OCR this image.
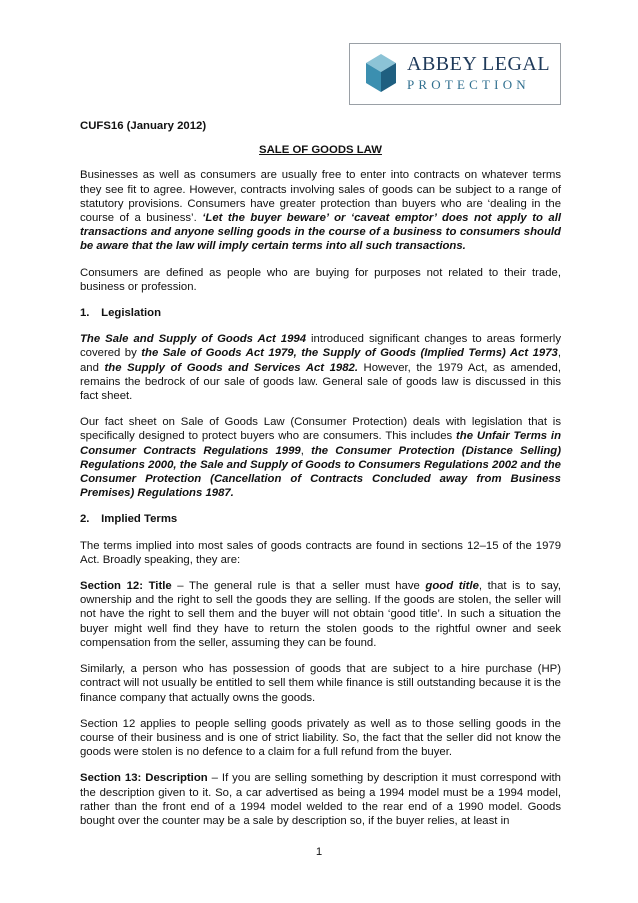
ABBEY LEGAL
PROTECTION
CUFS16 (January 2012)
SALE OF GOODS LAW

Businesses as well as consumers are usually free to enter into contracts on whatever terms they see fit to agree. However, contracts involving sales of goods can be subject to a range of statutory provisions. Consumers have greater protection than buyers who are ‘dealing in the course of a business’. ‘Let the buyer beware’ or ‘caveat emptor’ does not apply to all transactions and anyone selling goods in the course of a business to consumers should be aware that the law will imply certain terms into all such transactions.

Consumers are defined as people who are buying for purposes not related to their trade, business or profession.

1. Legislation

The Sale and Supply of Goods Act 1994 introduced significant changes to areas formerly covered by the Sale of Goods Act 1979, the Supply of Goods (Implied Terms) Act 1973, and the Supply of Goods and Services Act 1982. However, the 1979 Act, as amended, remains the bedrock of our sale of goods law. General sale of goods law is discussed in this fact sheet.

Our fact sheet on Sale of Goods Law (Consumer Protection) deals with legislation that is specifically designed to protect buyers who are consumers. This includes the Unfair Terms in Consumer Contracts Regulations 1999, the Consumer Protection (Distance Selling) Regulations 2000, the Sale and Supply of Goods to Consumers Regulations 2002 and the Consumer Protection (Cancellation of Contracts Concluded away from Business Premises) Regulations 1987.

2. Implied Terms

The terms implied into most sales of goods contracts are found in sections 12–15 of the 1979 Act. Broadly speaking, they are:

Section 12: Title – The general rule is that a seller must have good title, that is to say, ownership and the right to sell the goods they are selling. If the goods are stolen, the seller will not have the right to sell them and the buyer will not obtain ‘good title’. In such a situation the buyer might well find they have to return the stolen goods to the rightful owner and seek compensation from the seller, assuming they can be found.

Similarly, a person who has possession of goods that are subject to a hire purchase (HP) contract will not usually be entitled to sell them while finance is still outstanding because it is the finance company that actually owns the goods.

Section 12 applies to people selling goods privately as well as to those selling goods in the course of their business and is one of strict liability. So, the fact that the seller did not know the goods were stolen is no defence to a claim for a full refund from the buyer.

Section 13: Description – If you are selling something by description it must correspond with the description given to it. So, a car advertised as being a 1994 model must be a 1994 model, rather than the front end of a 1994 model welded to the rear end of a 1990 model. Goods bought over the counter may be a sale by description so, if the buyer relies, at least in

1
